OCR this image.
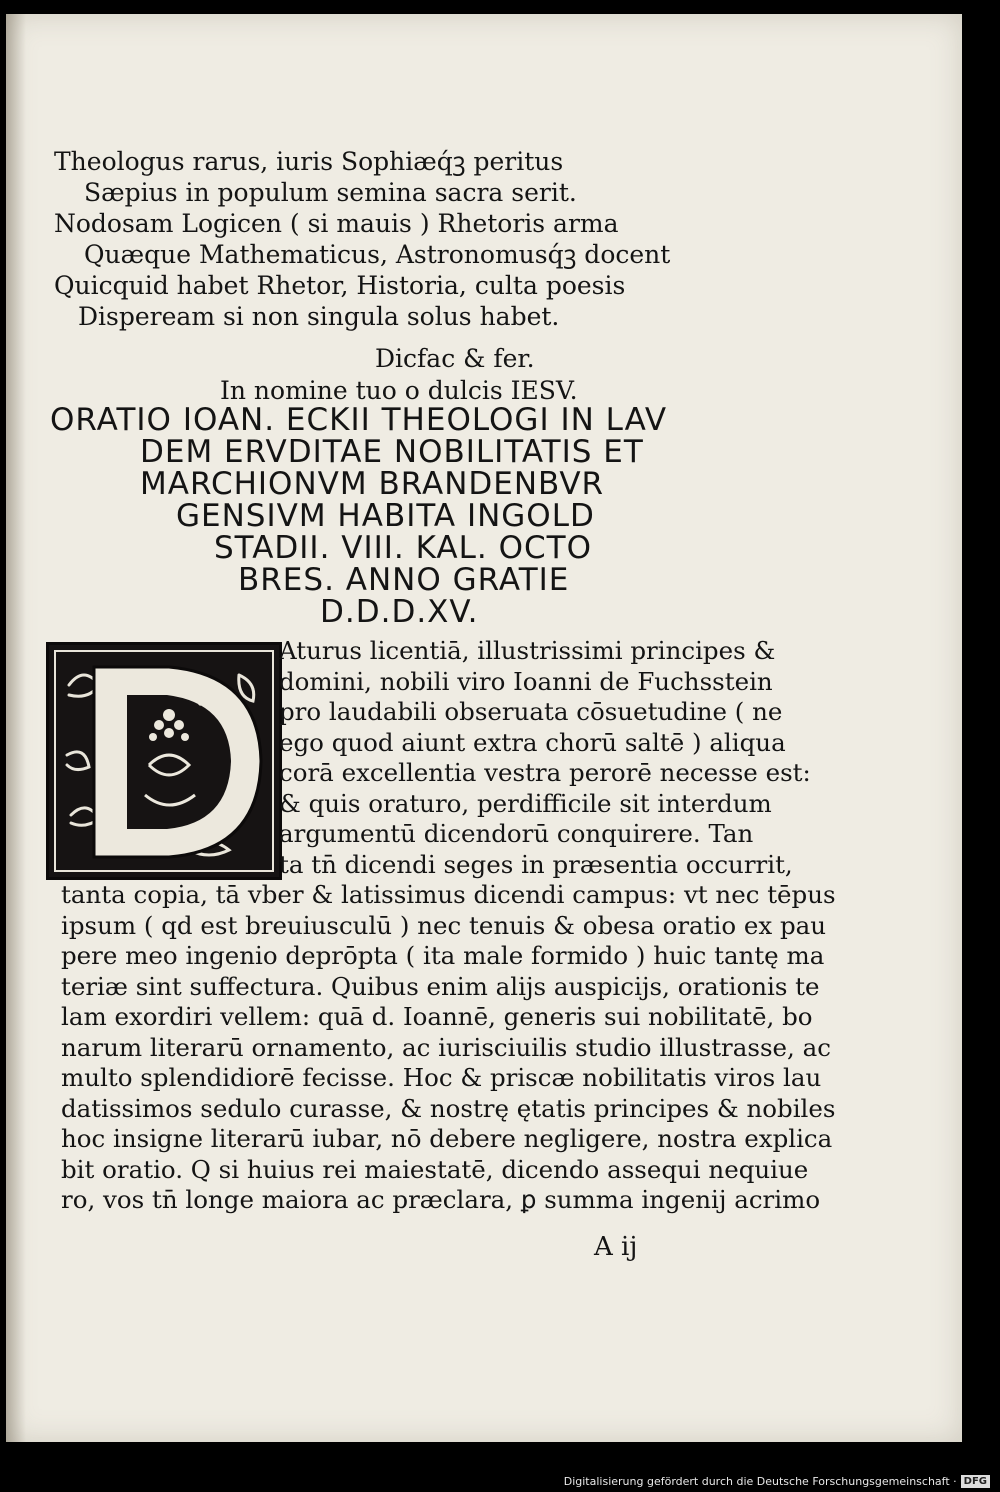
Theologus rarus, iuris Sophiæq́ꝫ peritus
Sæpius in populum semina sacra serit.
Nodosam Logicen ( si mauis ) Rhetoris arma
Quæque Mathematicus, Astronomusq́ꝫ docent
Quicquid habet Rhetor, Historia, culta poesis
Dispeream si non singula solus habet.
Dicfac & fer.
In nomine tuo o dulcis IESV.
ORATIO IOAN. ECKII THEOLOGI IN LAV
DEM ERVDITAE NOBILITATIS ET
MARCHIONVM BRANDENBVR
GENSIVM HABITA INGOLD
STADII. VIII. KAL. OCTO
BRES. ANNO GRATIE
D.D.D.XV.
Aturus licentiā, illustrissimi principes &
domini, nobili viro Ioanni de Fuchsstein
pro laudabili obseruata cōsuetudine ( ne
ego quod aiunt extra chorū saltē ) aliqua
corā excellentia vestra perorē necesse est:
& quis oraturo, perdifficile sit interdum
argumentū dicendorū conquirere. Tan
ta tn̄ dicendi seges in præsentia occurrit,
tanta copia, tā vber & latissimus dicendi campus: vt nec tēpus
ipsum ( qd est breuiusculū ) nec tenuis & obesa oratio ex pau
pere meo ingenio deprōpta ( ita male formido ) huic tantę ma
teriæ sint suffectura. Quibus enim alijs auspicijs, orationis te
lam exordiri vellem: quā d. Ioannē, generis sui nobilitatē, bo
narum literarū ornamento, ac iurisciuilis studio illustrasse, ac
multo splendidiorē fecisse. Hoc & priscæ nobilitatis viros lau
datissimos sedulo curasse, & nostrę ętatis principes & nobiles
hoc insigne literarū iubar, nō debere negligere, nostra explica
bit oratio. Q si huius rei maiestatē, dicendo assequi nequiue
ro, vos tn̄ longe maiora ac præclara, ꝑ summa ingenij acrimo
A ij
Digitalisierung gefördert durch die Deutsche Forschungsgemeinschaft · DFG
